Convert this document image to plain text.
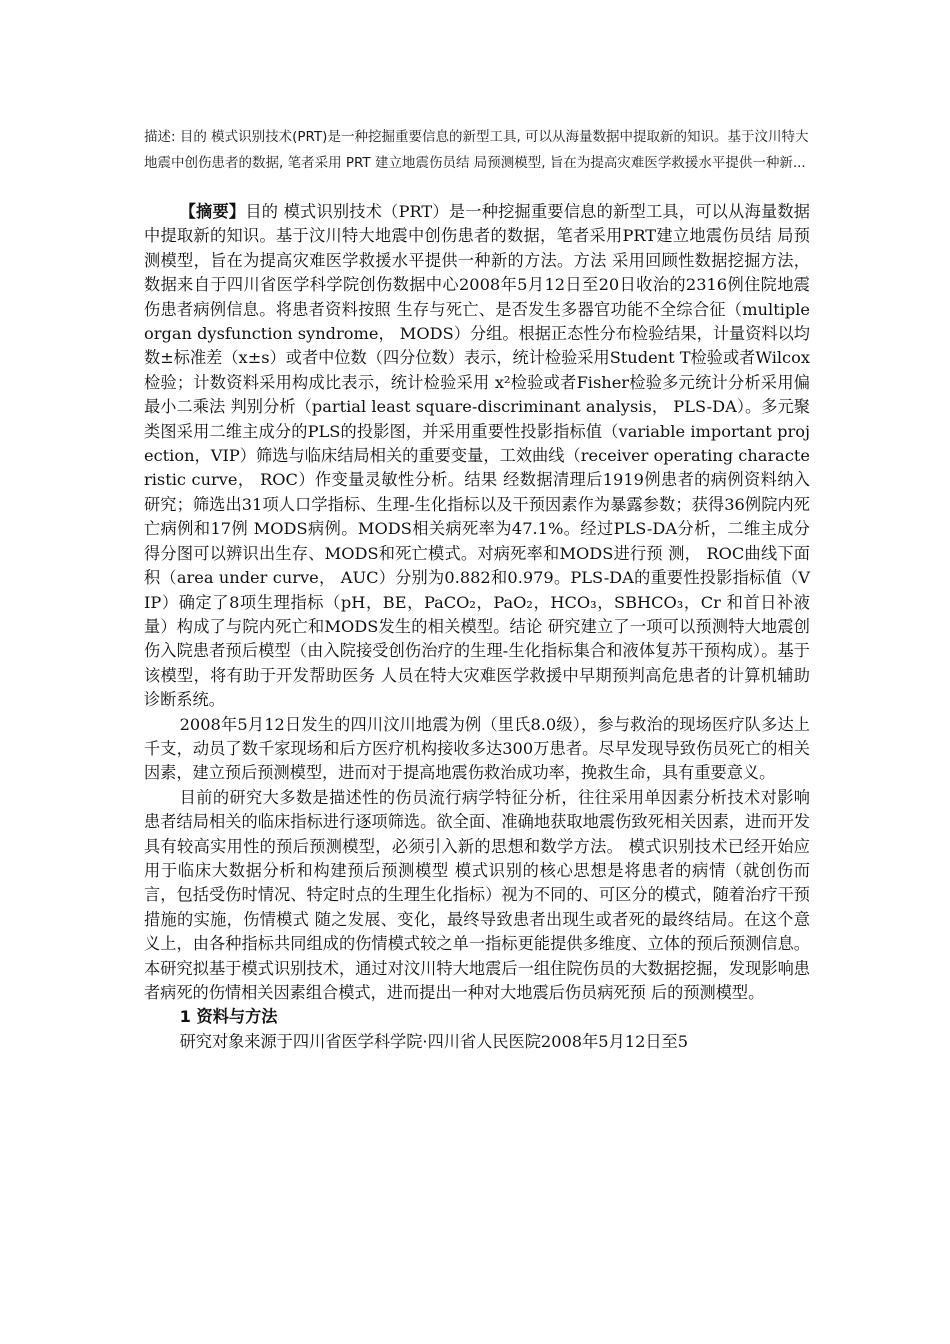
描述: 目的 模式识别技术(PRT)是一种挖掘重要信息的新型工具, 可以从海量数据中提取新的知识。基于汶川特大地震中创伤患者的数据, 笔者采用 PRT 建立地震伤员结 局预测模型, 旨在为提高灾难医学救援水平提供一种新...

【摘要】目的 模式识别技术（PRT）是一种挖掘重要信息的新型工具，可以从海量数据中提取新的知识。基于汶川特大地震中创伤患者的数据，笔者采用PRT建立地震伤员结 局预测模型，旨在为提高灾难医学救援水平提供一种新的方法。方法 采用回顾性数据挖掘方法，数据来自于四川省医学科学院创伤数据中心2008年5月12日至20日收治的2316例住院地震伤患者病例信息。将患者资料按照 生存与死亡、是否发生多器官功能不全综合征（multiple organ dysfunction syndrome， MODS）分组。根据正态性分布检验结果，计量资料以均数±标准差（x±s）或者中位数（四分位数）表示，统计检验采用Student T检验或者Wilcox检验；计数资料采用构成比表示，统计检验采用 x²检验或者Fisher检验多元统计分析采用偏最小二乘法 判别分析（partial least square-discriminant analysis， PLS-DA）。多元聚类图采用二维主成分的PLS的投影图，并采用重要性投影指标值（variable important projection，VIP）筛选与临床结局相关的重要变量，工效曲线（receiver operating characteristic curve， ROC）作变量灵敏性分析。结果 经数据清理后1919例患者的病例资料纳入研究；筛选出31项人口学指标、生理-生化指标以及干预因素作为暴露参数；获得36例院内死亡病例和17例 MODS病例。MODS相关病死率为47.1%。经过PLS-DA分析，二维主成分得分图可以辨识出生存、MODS和死亡模式。对病死率和MODS进行预 测， ROC曲线下面积（area under curve， AUC）分别为0.882和0.979。PLS-DA的重要性投影指标值（VIP）确定了8项生理指标（pH，BE，PaCO₂，PaO₂，HCO₃，SBHCO₃，Cr 和首日补液量）构成了与院内死亡和MODS发生的相关模型。结论 研究建立了一项可以预测特大地震创伤入院患者预后模型（由入院接受创伤治疗的生理-生化指标集合和液体复苏干预构成）。基于该模型，将有助于开发帮助医务 人员在特大灾难医学救援中早期预判高危患者的计算机辅助诊断系统。

2008年5月12日发生的四川汶川地震为例（里氏8.0级），参与救治的现场医疗队多达上千支，动员了数千家现场和后方医疗机构接收多达300万患者。尽早发现导致伤员死亡的相关因素，建立预后预测模型，进而对于提高地震伤救治成功率，挽救生命，具有重要意义。

目前的研究大多数是描述性的伤员流行病学特征分析，往往采用单因素分析技术对影响患者结局相关的临床指标进行逐项筛选。欲全面、准确地获取地震伤致死相关因素，进而开发具有较高实用性的预后预测模型，必须引入新的思想和数学方法。 模式识别技术已经开始应用于临床大数据分析和构建预后预测模型 模式识别的核心思想是将患者的病情（就创伤而言，包括受伤时情况、特定时点的生理生化指标）视为不同的、可区分的模式，随着治疗干预措施的实施，伤情模式 随之发展、变化，最终导致患者出现生或者死的最终结局。在这个意义上，由各种指标共同组成的伤情模式较之单一指标更能提供多维度、立体的预后预测信息。 本研究拟基于模式识别技术，通过对汶川特大地震后一组住院伤员的大数据挖掘，发现影响患者病死的伤情相关因素组合模式，进而提出一种对大地震后伤员病死预 后的预测模型。

1 资料与方法

研究对象来源于四川省医学科学院·四川省人民医院2008年5月12日至5
